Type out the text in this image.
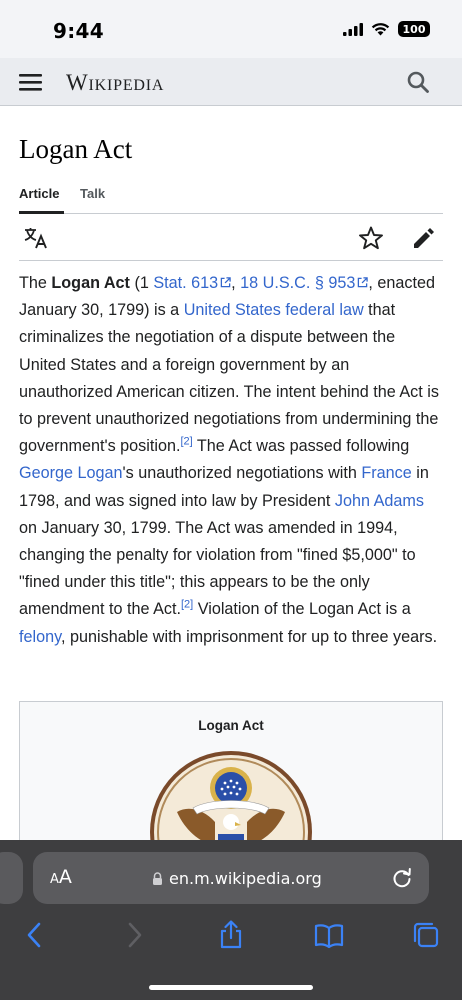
9:44	100
Wikipedia
Logan Act
Article Talk
The Logan Act (1 Stat. 613 , 18 U.S.C. § 953 , enacted January 30, 1799) is a United States federal law that criminalizes the negotiation of a dispute between the United States and a foreign government by an unauthorized American citizen. The intent behind the Act is to prevent unauthorized negotiations from undermining the government's position.[2] The Act was passed following George Logan's unauthorized negotiations with France in 1798, and was signed into law by President John Adams on January 30, 1799. The Act was amended in 1994, changing the penalty for violation from "fined $5,000" to "fined under this title"; this appears to be the only amendment to the Act.[2] Violation of the Logan Act is a felony, punishable with imprisonment for up to three years.
Logan Act
AA	en.m.wikipedia.org
